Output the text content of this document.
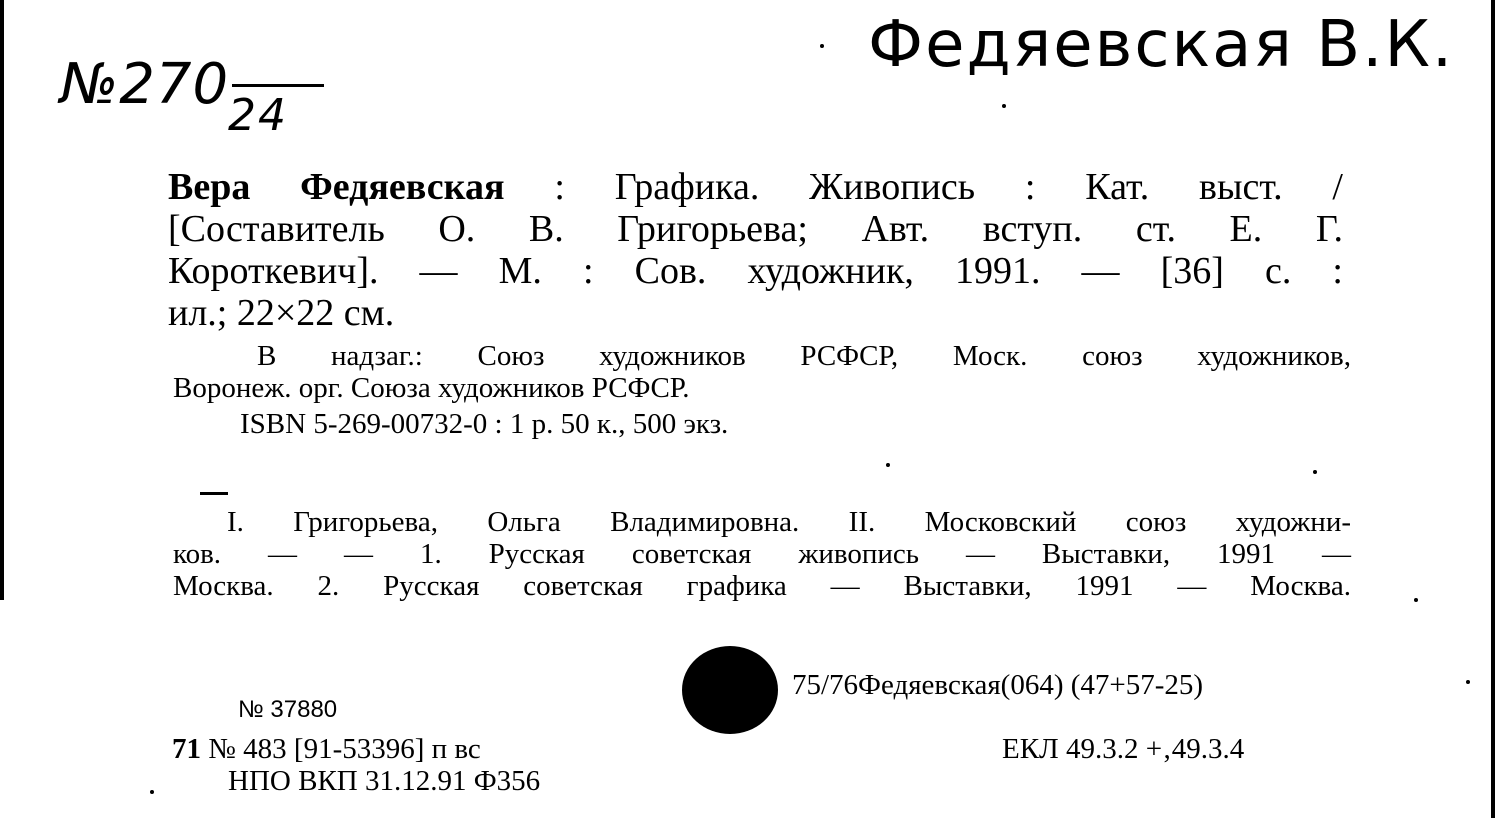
№270
24
Федяевская В.К.
Вера Федяевская : Графика. Живопись : Кат. выст. /
[Составитель О. В. Григорьева; Авт. вступ. ст. Е. Г.
Короткевич]. — М. : Сов. художник, 1991. — [36] с. :
ил.; 22×22 см.
В надзаг.: Союз художников РСФСР, Моск. союз художников,
Воронеж. орг. Союза художников РСФСР.
ISBN 5-269-00732-0 : 1 р. 50 к., 500 экз.
I. Григорьева, Ольга Владимировна. II. Московский союз художни-
ков. — — 1. Русская советская живопись — Выставки, 1991 —
Москва. 2. Русская советская графика — Выставки, 1991 — Москва.
№ 37880
71 № 483 [91-53396] п вс
НПО ВКП 31.12.91 Ф356
75/76Федяевская(064) (47+57-25)
ЕКЛ 49.3.2 +‚49.3.4
